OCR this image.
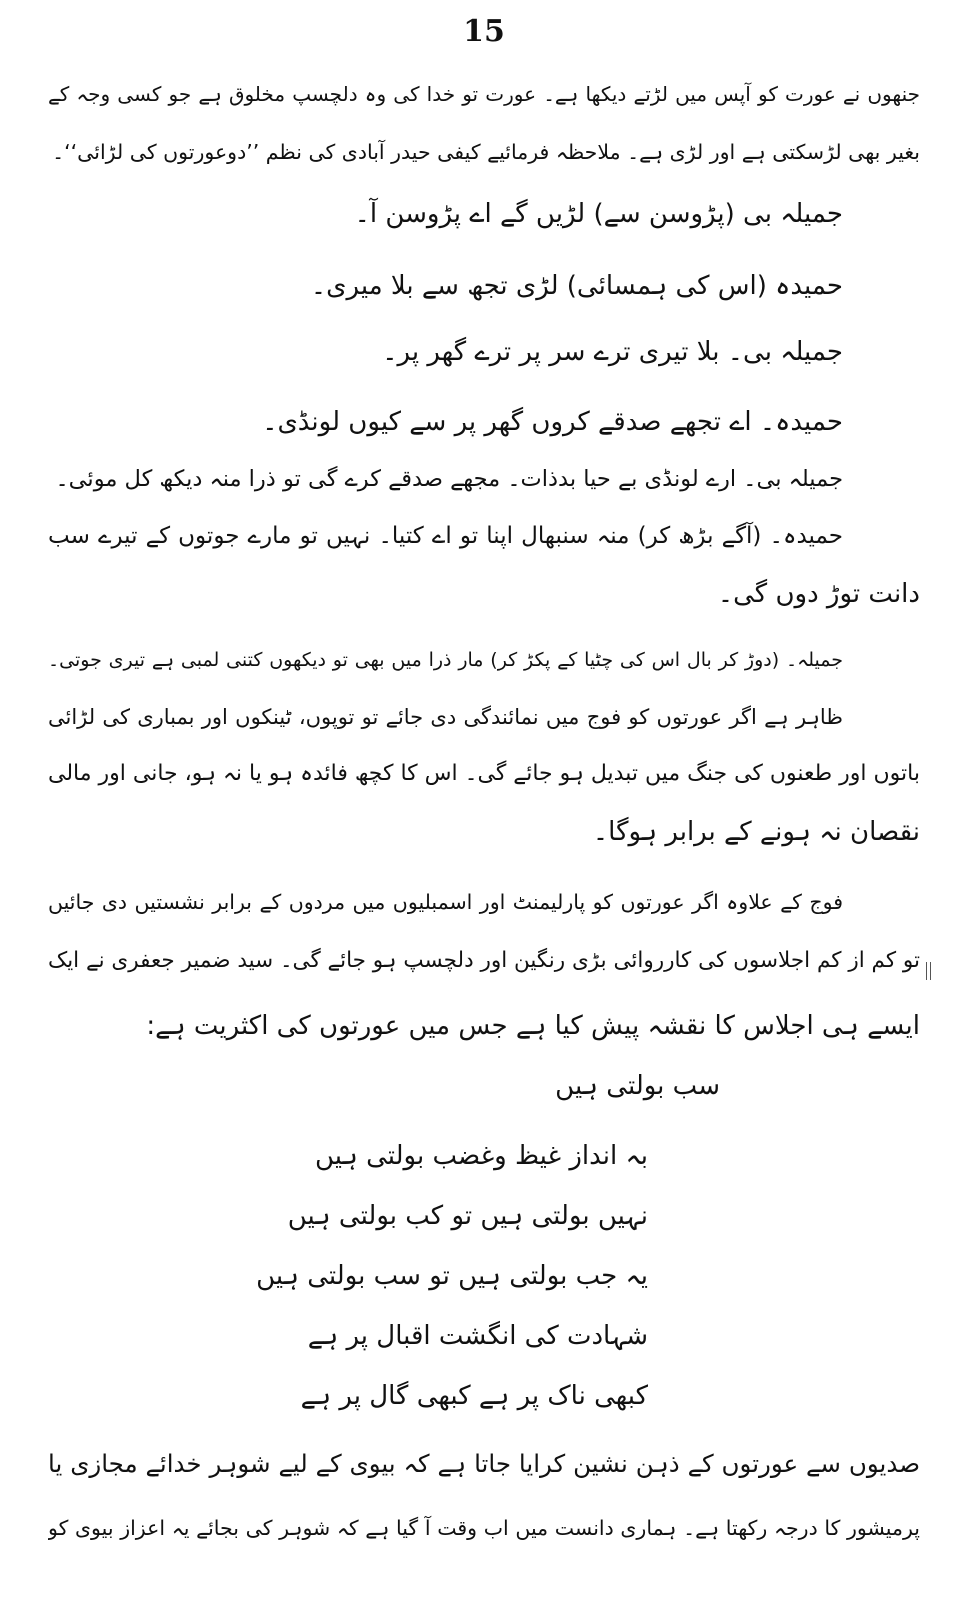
15
جنھوں نے عورت کو آپس میں لڑتے دیکھا ہے۔ عورت تو خدا کی وہ دلچسپ مخلوق ہے جو کسی وجہ کے
بغیر بھی لڑسکتی ہے اور لڑی ہے۔ ملاحظہ فرمائیے کیفی حیدر آبادی کی نظم ’’دوعورتوں کی لڑائی‘‘۔
جمیلہ بی (پڑوسن سے) لڑیں گے اے پڑوسن آ۔
حمیدہ (اس کی ہمسائی) لڑی تجھ سے بلا میری۔
جمیلہ بی۔ بلا تیری ترے سر پر ترے گھر پر۔
حمیدہ۔ اے تجھے صدقے کروں گھر پر سے کیوں لونڈی۔
جمیلہ بی۔ ارے لونڈی بے حیا بدذات۔ مجھے صدقے کرے گی تو ذرا منہ دیکھ کل موئی۔
حمیدہ۔ (آگے بڑھ کر) منہ سنبھال اپنا تو اے کتیا۔ نہیں تو مارے جوتوں کے تیرے سب
دانت توڑ دوں گی۔
جمیلہ۔ (دوڑ کر بال اس کی چٹیا کے پکڑ کر) مار ذرا میں بھی تو دیکھوں کتنی لمبی ہے تیری جوتی۔
ظاہر ہے اگر عورتوں کو فوج میں نمائندگی دی جائے تو توپوں، ٹینکوں اور بمباری کی لڑائی
باتوں اور طعنوں کی جنگ میں تبدیل ہو جائے گی۔ اس کا کچھ فائدہ ہو یا نہ ہو، جانی اور مالی
نقصان نہ ہونے کے برابر ہوگا۔
فوج کے علاوہ اگر عورتوں کو پارلیمنٹ اور اسمبلیوں میں مردوں کے برابر نشستیں دی جائیں
تو کم از کم اجلاسوں کی کارروائی بڑی رنگین اور دلچسپ ہو جائے گی۔ سید ضمیر جعفری نے ایک
ایسے ہی اجلاس کا نقشہ پیش کیا ہے جس میں عورتوں کی اکثریت ہے:
سب بولتی ہیں
بہ انداز غیظ وغضب بولتی ہیں
نہیں بولتی ہیں تو کب بولتی ہیں
یہ جب بولتی ہیں تو سب بولتی ہیں
شہادت کی انگشت اقبال پر ہے
کبھی ناک پر ہے کبھی گال پر ہے
صدیوں سے عورتوں کے ذہن نشین کرایا جاتا ہے کہ بیوی کے لیے شوہر خدائے مجازی یا
پرمیشور کا درجہ رکھتا ہے۔ ہماری دانست میں اب وقت آ گیا ہے کہ شوہر کی بجائے یہ اعزاز بیوی کو
